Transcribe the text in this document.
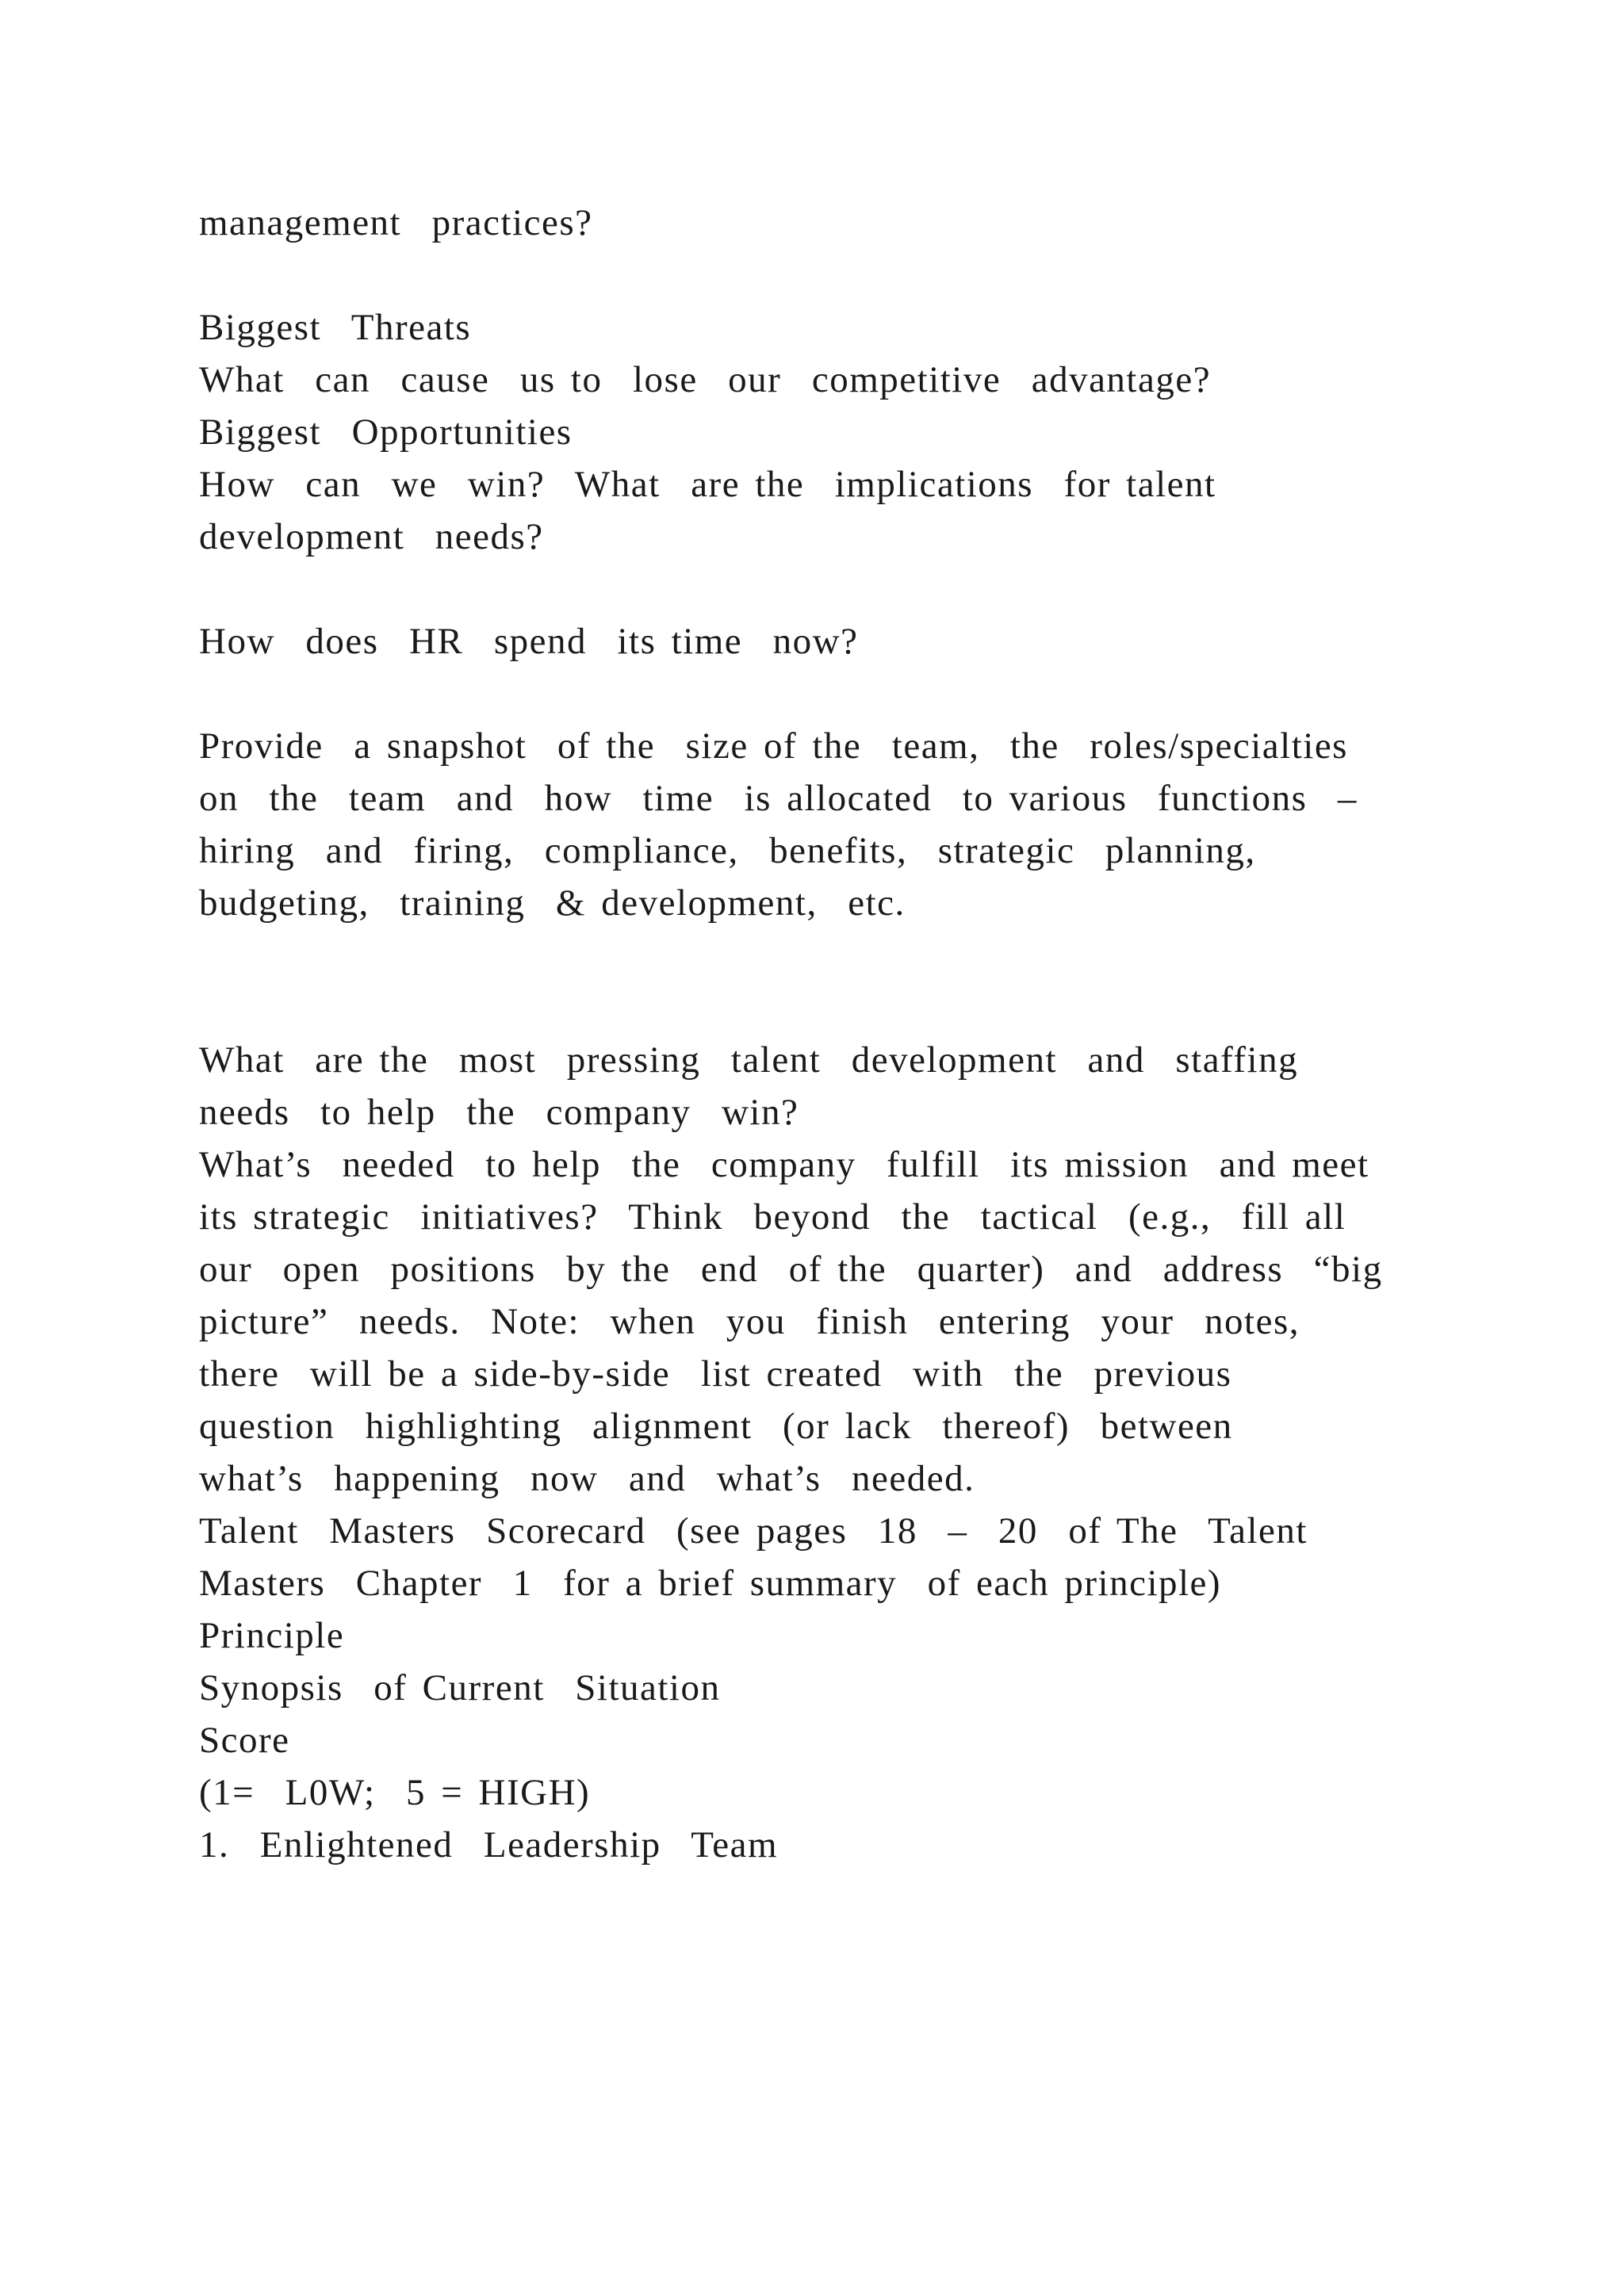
management  practices?
Biggest  Threats
What  can  cause  us to  lose  our  competitive  advantage?
Biggest  Opportunities
How  can  we  win?  What  are the  implications  for talent
development  needs?
How  does  HR  spend  its time  now?
Provide  a snapshot  of the  size of the  team,  the  roles/specialties
on  the  team  and  how  time  is allocated  to various  functions  –
hiring  and  firing,  compliance,  benefits,  strategic  planning,
budgeting,  training  & development,  etc.
What  are the  most  pressing  talent  development  and  staffing
needs  to help  the  company  win?
What’s  needed  to help  the  company  fulfill  its mission  and meet
its strategic  initiatives?  Think  beyond  the  tactical  (e.g.,  fill all
our  open  positions  by the  end  of the  quarter)  and  address  “big
picture”  needs.  Note:  when  you  finish  entering  your  notes,
there  will be a side-by-side  list created  with  the  previous
question  highlighting  alignment  (or lack  thereof)  between
what’s  happening  now  and  what’s  needed.
Talent  Masters  Scorecard  (see pages  18  –  20  of The  Talent
Masters  Chapter  1  for a brief summary  of each principle)
Principle
Synopsis  of Current  Situation
Score
(1=  L0W;  5 = HIGH)
1.  Enlightened  Leadership  Team
